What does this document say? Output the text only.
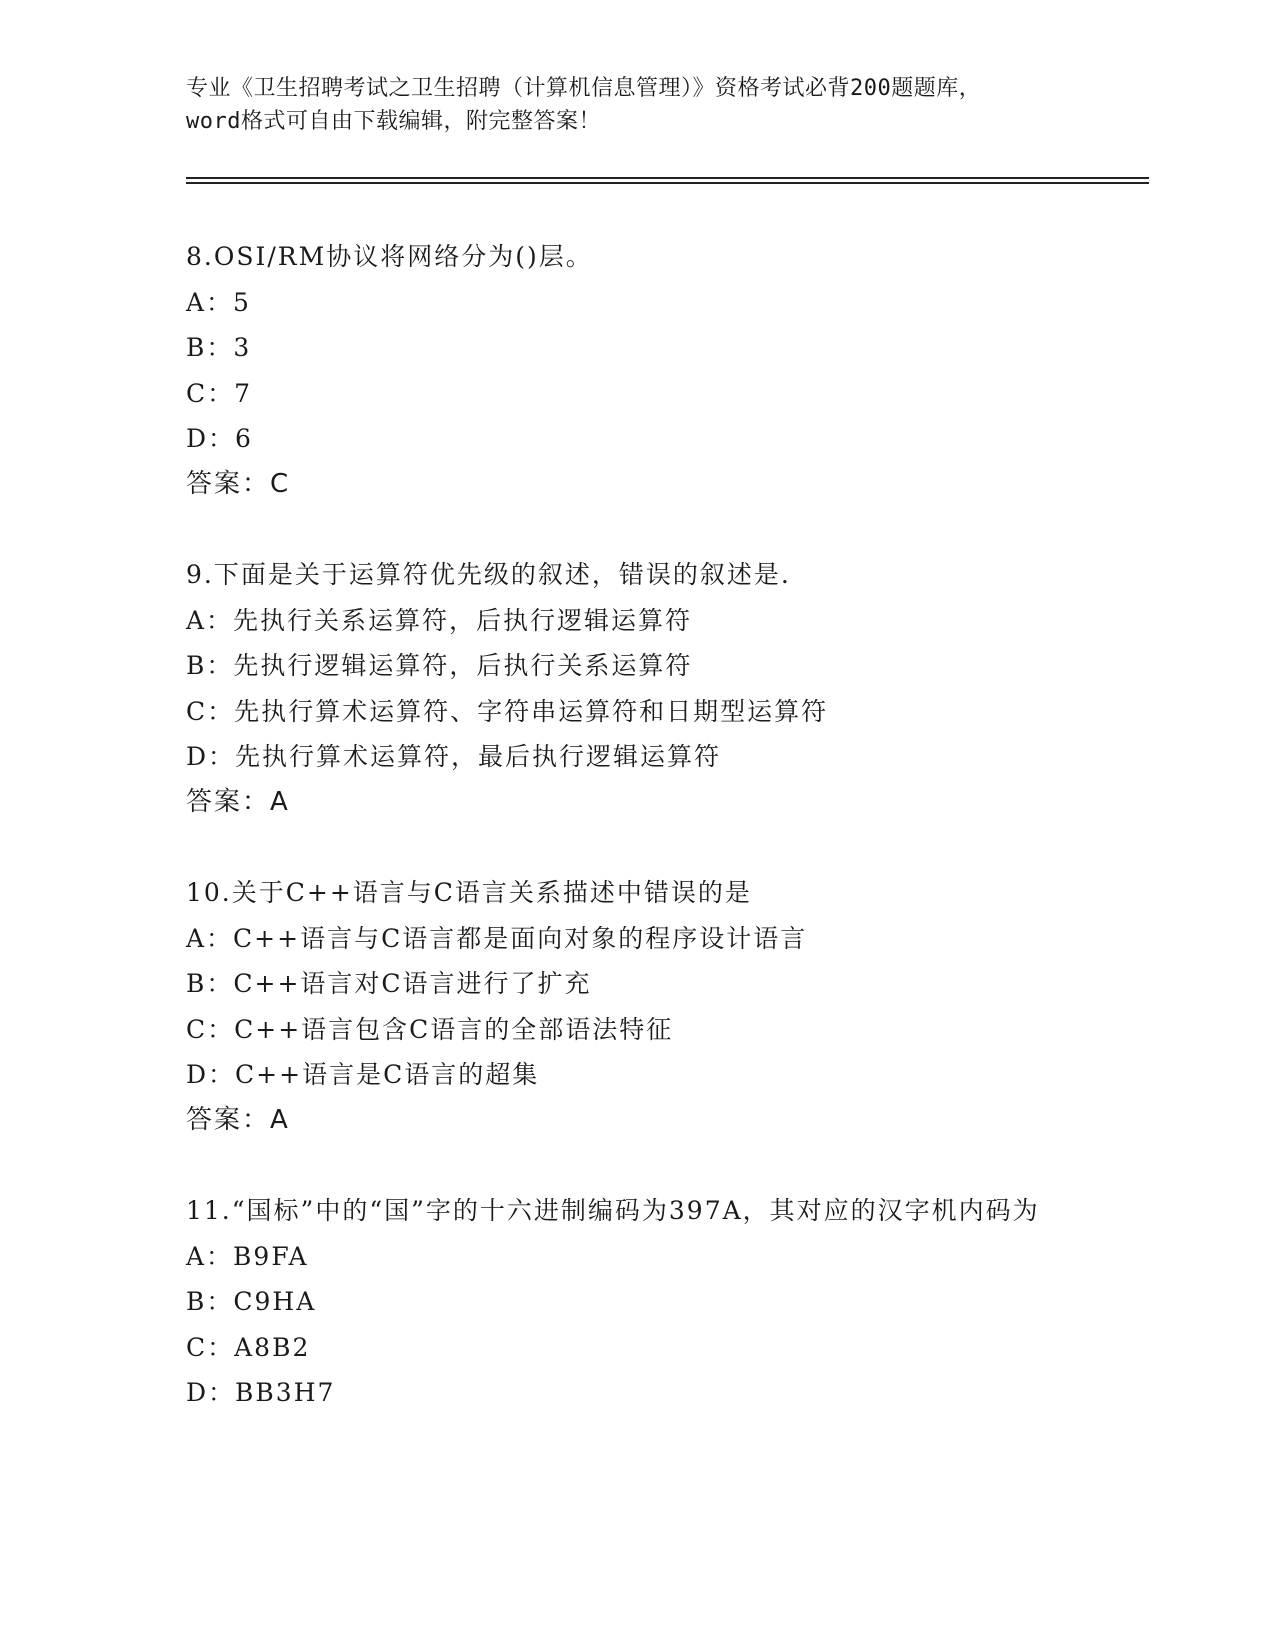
专业《卫生招聘考试之卫生招聘（计算机信息管理）》资格考试必背200题题库，
word格式可自由下载编辑，附完整答案！
8.OSI/RM协议将网络分为()层。
A：5
B：3
C：7
D：6
答案：C
9.下面是关于运算符优先级的叙述，错误的叙述是.
A：先执行关系运算符，后执行逻辑运算符
B：先执行逻辑运算符，后执行关系运算符
C：先执行算术运算符、字符串运算符和日期型运算符
D：先执行算术运算符，最后执行逻辑运算符
答案：A
10.关于C++语言与C语言关系描述中错误的是
A：C++语言与C语言都是面向对象的程序设计语言
B：C++语言对C语言进行了扩充
C：C++语言包含C语言的全部语法特征
D：C++语言是C语言的超集
答案：A
11.“国标”中的“国”字的十六进制编码为397A，其对应的汉字机内码为
A：B9FA
B：C9HA
C：A8B2
D：BB3H7
